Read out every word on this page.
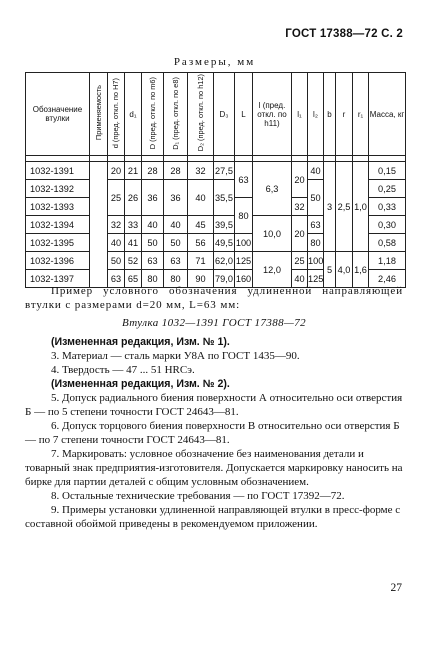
ГОСТ 17388—72 С. 2
Размеры, мм
Обозначение втулки	Применяемость	d (пред. откл. по H7)	d₁	D (пред. откл. по m6)	D₁ (пред. откл. по e8)	D₂ (пред. откл. по h12)	D₃	L	l (пред. откл. по h11)	l₁	l₂	b	r	r₁	Масса, кг

1032-1391		20	21	28	28	32	27,5	63	6,3	20	40	3	2,5	1,0	0,15
1032-1392		25	26	36	36	40	35,5				50				0,25
1032-1393								80		32					0,33
1032-1394		32	33	40	40	45	39,5		10,0	20	63				0,30
1032-1395		40	41	50	50	56	49,5	100			80				0,58
1032-1396		50	52	63	63	71	62,0	125	12,0	25	100	5	4,0	1,6	1,18
1032-1397		63	65	80	80	90	79,0	160		40	125				2,46

Пример условного обозначения удлиненной направляющей втулки с размерами d=20 мм, L=63 мм:

Втулка 1032—1391 ГОСТ 17388—72

(Измененная редакция, Изм. № 1).

3. Материал — сталь марки У8А по ГОСТ 1435—90.

4. Твердость — 47 ... 51 HRCэ.

(Измененная редакция, Изм. № 2).

5. Допуск радиального биения поверхности А относительно оси отверстия Б — по 5 степени точности ГОСТ 24643—81.

6. Допуск торцового биения поверхности В относительно оси отверстия Б — по 7 степени точности ГОСТ 24643—81.

7. Маркировать: условное обозначение без наименования детали и товарный знак предприятия-изготовителя. Допускается маркировку наносить на бирке для партии деталей с общим условным обозначением.

8. Остальные технические требования — по ГОСТ 17392—72.

9. Примеры установки удлиненной направляющей втулки в пресс-форме с составной обоймой приведены в рекомендуемом приложении.

27
